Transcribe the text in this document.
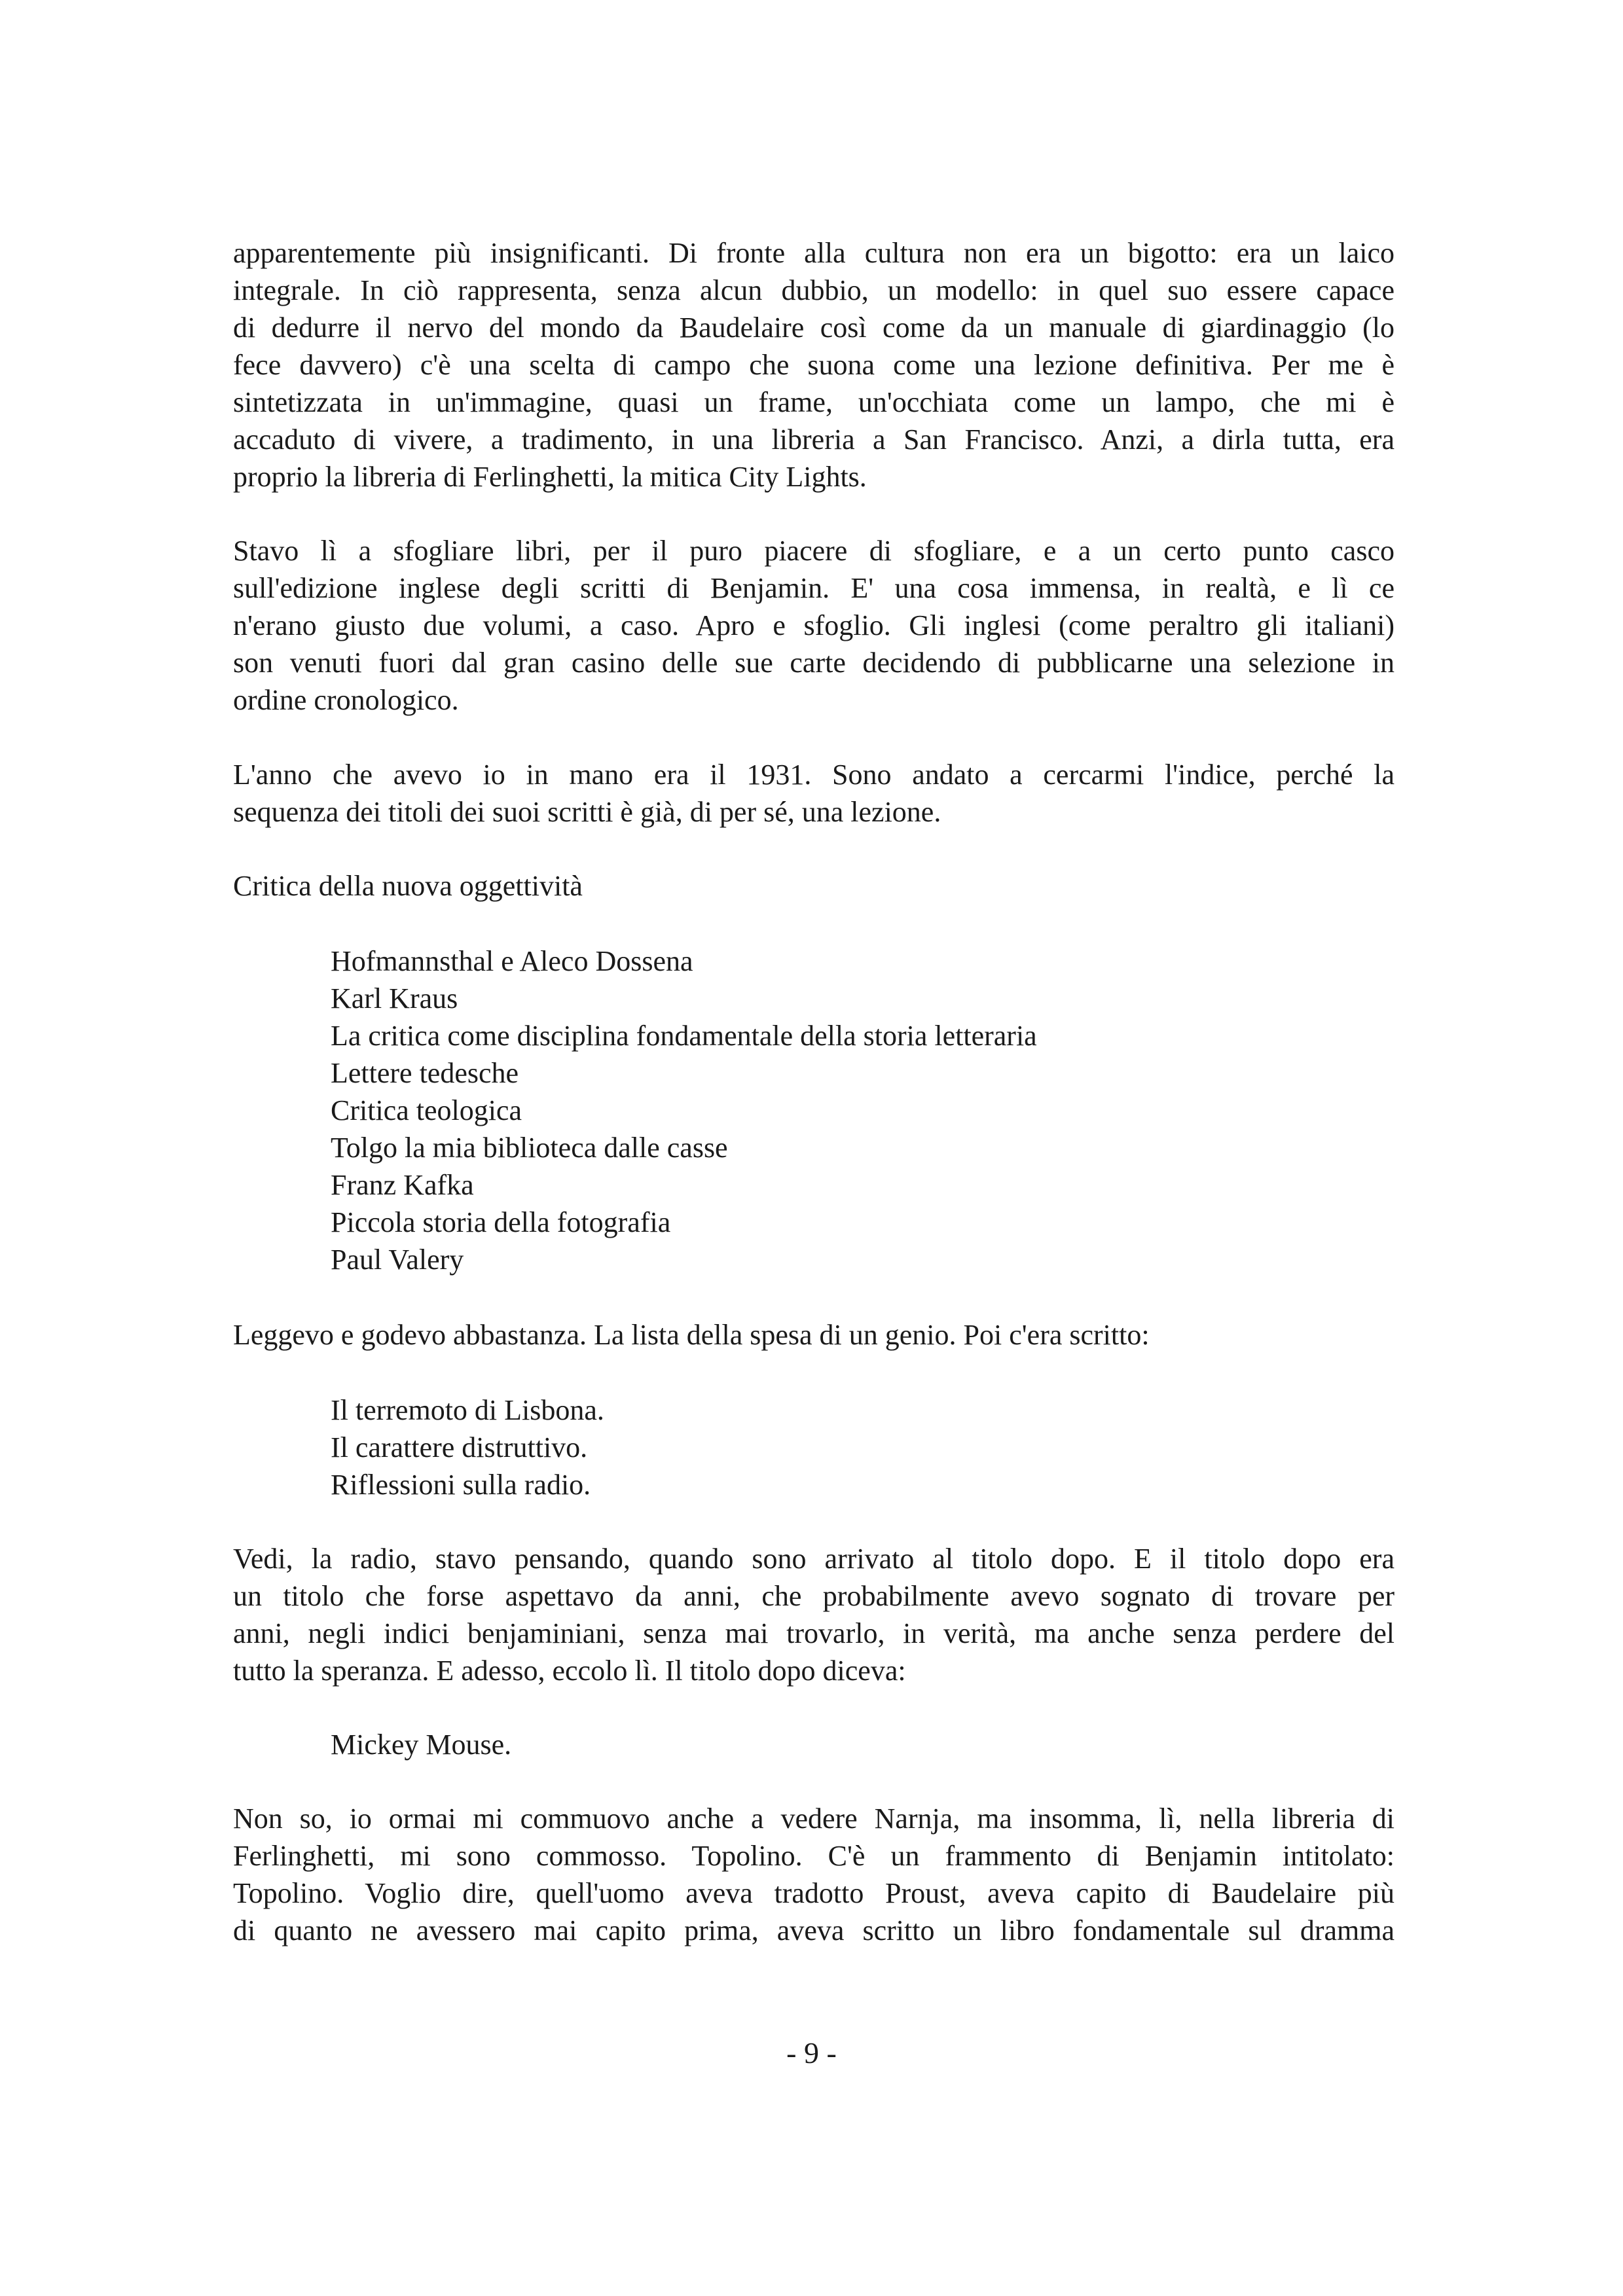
apparentemente più insignificanti. Di fronte alla cultura non era un bigotto: era un laico
integrale. In ciò rappresenta, senza alcun dubbio, un modello: in quel suo essere capace
di dedurre il nervo del mondo da Baudelaire così come da un manuale di giardinaggio (lo
fece davvero) c'è una scelta di campo che suona come una lezione definitiva. Per me è
sintetizzata in un'immagine, quasi un frame, un'occhiata come un lampo, che mi è
accaduto di vivere, a tradimento, in una libreria a San Francisco. Anzi, a dirla tutta, era
proprio la libreria di Ferlinghetti, la mitica City Lights.

Stavo lì a sfogliare libri, per il puro piacere di sfogliare, e a un certo punto casco
sull'edizione inglese degli scritti di Benjamin. E' una cosa immensa, in realtà, e lì ce
n'erano giusto due volumi, a caso. Apro e sfoglio. Gli inglesi (come peraltro gli italiani)
son venuti fuori dal gran casino delle sue carte decidendo di pubblicarne una selezione in
ordine cronologico.

L'anno che avevo io in mano era il 1931. Sono andato a cercarmi l'indice, perché la
sequenza dei titoli dei suoi scritti è già, di per sé, una lezione.

Critica della nuova oggettività
Hofmannsthal e Aleco Dossena
Karl Kraus
La critica come disciplina fondamentale della storia letteraria
Lettere tedesche
Critica teologica
Tolgo la mia biblioteca dalle casse
Franz Kafka
Piccola storia della fotografia
Paul Valery
Leggevo e godevo abbastanza. La lista della spesa di un genio. Poi c'era scritto:
Il terremoto di Lisbona.
Il carattere distruttivo.
Riflessioni sulla radio.

Vedi, la radio, stavo pensando, quando sono arrivato al titolo dopo. E il titolo dopo era
un titolo che forse aspettavo da anni, che probabilmente avevo sognato di trovare per
anni, negli indici benjaminiani, senza mai trovarlo, in verità, ma anche senza perdere del
tutto la speranza. E adesso, eccolo lì. Il titolo dopo diceva:

Mickey Mouse.

Non so, io ormai mi commuovo anche a vedere Narnja, ma insomma, lì, nella libreria di
Ferlinghetti, mi sono commosso. Topolino. C'è un frammento di Benjamin intitolato:
Topolino. Voglio dire, quell'uomo aveva tradotto Proust, aveva capito di Baudelaire più
di quanto ne avessero mai capito prima, aveva scritto un libro fondamentale sul dramma

- 9 -
